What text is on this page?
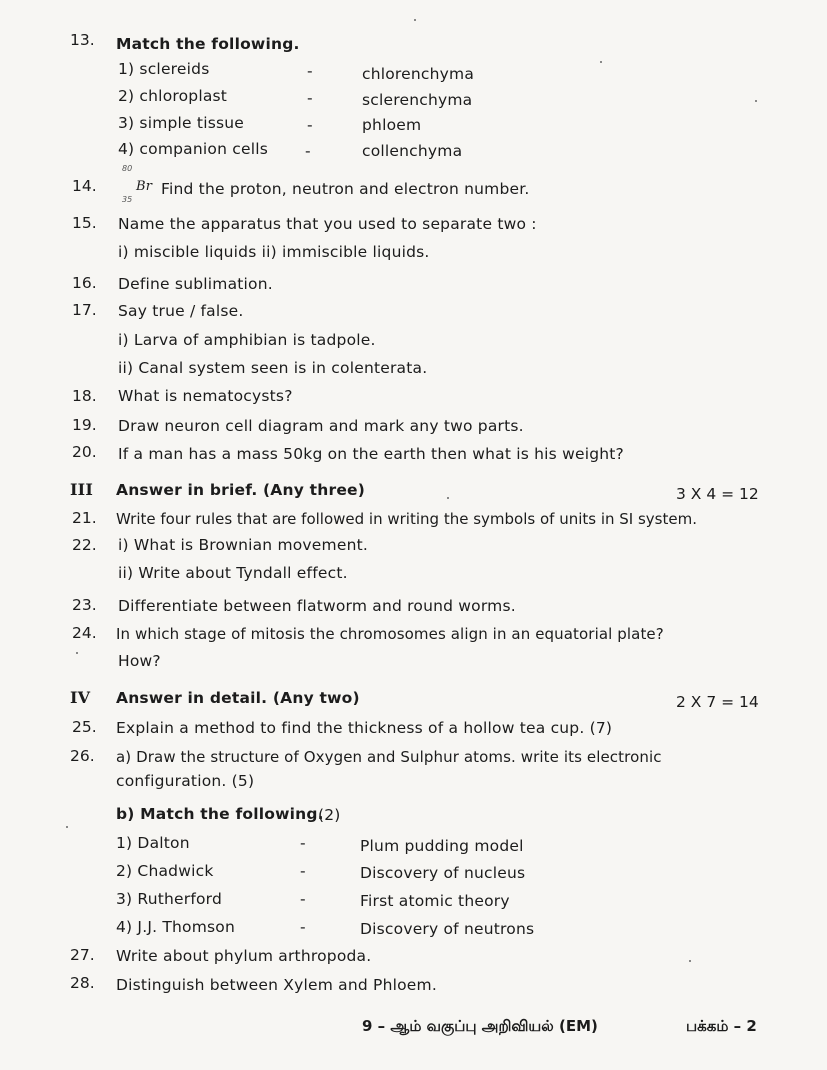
13. Match the following.
1) sclereids	-	chlorenchyma
2) chloroplast	-	sclerenchyma
3) simple tissue	-	phloem
4) companion cells -	collenchyma
14.
80
35
Br Find the proton, neutron and electron number.
15. Name the apparatus that you used to separate two :
i) miscible liquids ii) immiscible liquids.
16. Define sublimation.
17. Say true / false.
i) Larva of amphibian is tadpole.
ii) Canal system seen is in colenterata.
18. What is nematocysts?
19. Draw neuron cell diagram and mark any two parts.
20. If a man has a mass 50kg on the earth then what is his weight?
III Answer in brief. (Any three)	3 X 4 = 12
21. Write four rules that are followed in writing the symbols of units in SI system.
22. i) What is Brownian movement.
ii) Write about Tyndall effect.
23. Differentiate between flatworm and round worms.
24. In which stage of mitosis the chromosomes align in an equatorial plate?
How?
IV Answer in detail. (Any two)	2 X 7 = 14
25. Explain a method to find the thickness of a hollow tea cup. (7)
26. a) Draw the structure of Oxygen and Sulphur atoms. write its electronic
configuration. (5)
b) Match the following.
(2)
1) Dalton	-	Plum pudding model
2) Chadwick	-	Discovery of nucleus
3) Rutherford	-	First atomic theory
4) J.J. Thomson	-	Discovery of neutrons
27. Write about phylum arthropoda.
28. Distinguish between Xylem and Phloem.
9 – ஆம் வகுப்பு அறிவியல் (EM)	பக்கம் – 2
